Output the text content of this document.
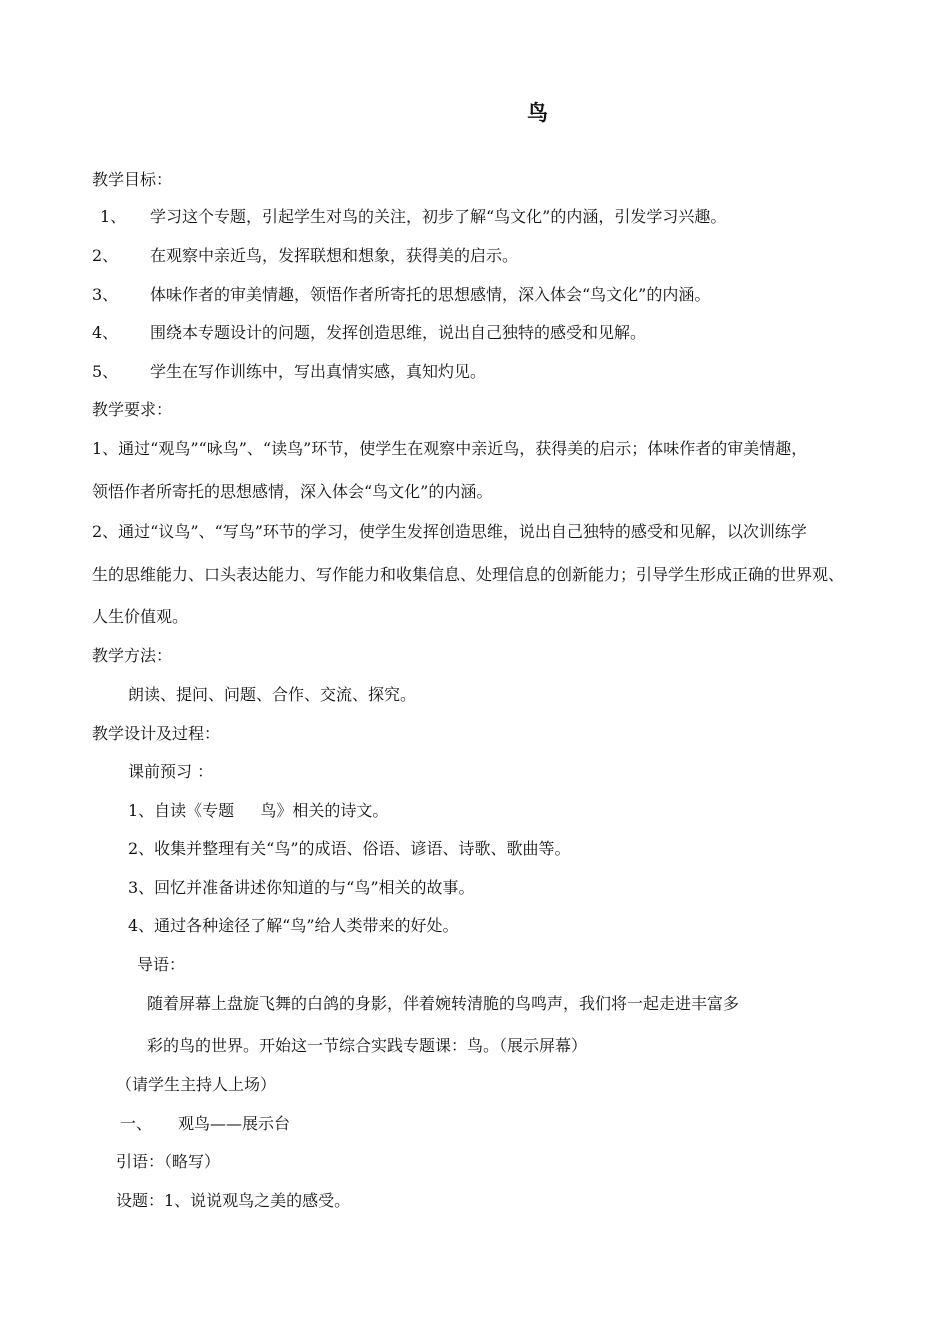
鸟
教学目标：
1、 学习这个专题，引起学生对鸟的关注，初步了解“鸟文化”的内涵，引发学习兴趣。
2、 在观察中亲近鸟，发挥联想和想象，获得美的启示。
3、 体味作者的审美情趣，领悟作者所寄托的思想感情，深入体会“鸟文化”的内涵。
4、 围绕本专题设计的问题，发挥创造思维，说出自己独特的感受和见解。
5、 学生在写作训练中，写出真情实感，真知灼见。
教学要求：
1、通过“观鸟”“咏鸟”、“读鸟”环节，使学生在观察中亲近鸟，获得美的启示；体味作者的审美情趣，
领悟作者所寄托的思想感情，深入体会“鸟文化”的内涵。
2、通过“议鸟”、“写鸟”环节的学习，使学生发挥创造思维，说出自己独特的感受和见解，以次训练学
生的思维能力、口头表达能力、写作能力和收集信息、处理信息的创新能力；引导学生形成正确的世界观、
人生价值观。
教学方法：
朗读、提问、问题、合作、交流、探究。
教学设计及过程：
课前预习 ：
1、自读《专题 　 鸟》相关的诗文。
2、收集并整理有关“鸟”的成语、俗语、谚语、诗歌、歌曲等。
3、回忆并准备讲述你知道的与“鸟”相关的故事。
4、通过各种途径了解“鸟”给人类带来的好处。
导语：
随着屏幕上盘旋飞舞的白鸽的身影，伴着婉转清脆的鸟鸣声，我们将一起走进丰富多
彩的鸟的世界。开始这一节综合实践专题课：鸟。（展示屏幕）
（请学生主持人上场）
一、 观鸟——展示台
引语：（略写）
设题：1、说说观鸟之美的感受。
